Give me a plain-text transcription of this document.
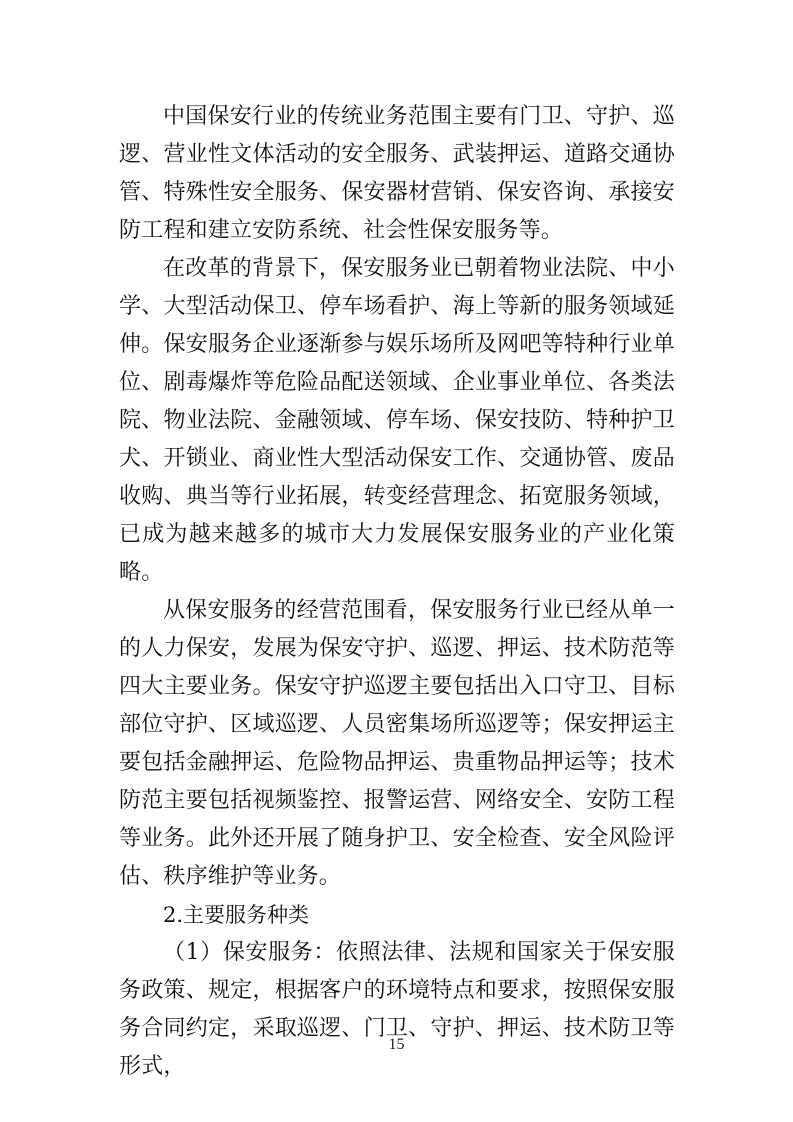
中国保安行业的传统业务范围主要有门卫、守护、巡逻、营业性文体活动的安全服务、武装押运、道路交通协管、特殊性安全服务、保安器材营销、保安咨询、承接安防工程和建立安防系统、社会性保安服务等。

在改革的背景下，保安服务业已朝着物业法院、中小学、大型活动保卫、停车场看护、海上等新的服务领域延伸。保安服务企业逐渐参与娱乐场所及网吧等特种行业单位、剧毒爆炸等危险品配送领域、企业事业单位、各类法院、物业法院、金融领域、停车场、保安技防、特种护卫犬、开锁业、商业性大型活动保安工作、交通协管、废品收购、典当等行业拓展，转变经营理念、拓宽服务领域，已成为越来越多的城市大力发展保安服务业的产业化策略。

从保安服务的经营范围看，保安服务行业已经从单一的人力保安，发展为保安守护、巡逻、押运、技术防范等四大主要业务。保安守护巡逻主要包括出入口守卫、目标部位守护、区域巡逻、人员密集场所巡逻等；保安押运主要包括金融押运、危险物品押运、贵重物品押运等；技术防范主要包括视频鉴控、报警运营、网络安全、安防工程等业务。此外还开展了随身护卫、安全检查、安全风险评估、秩序维护等业务。

2.主要服务种类

（1）保安服务：依照法律、法规和国家关于保安服务政策、规定，根据客户的环境特点和要求，按照保安服务合同约定，采取巡逻、门卫、守护、押运、技术防卫等形式，

15
